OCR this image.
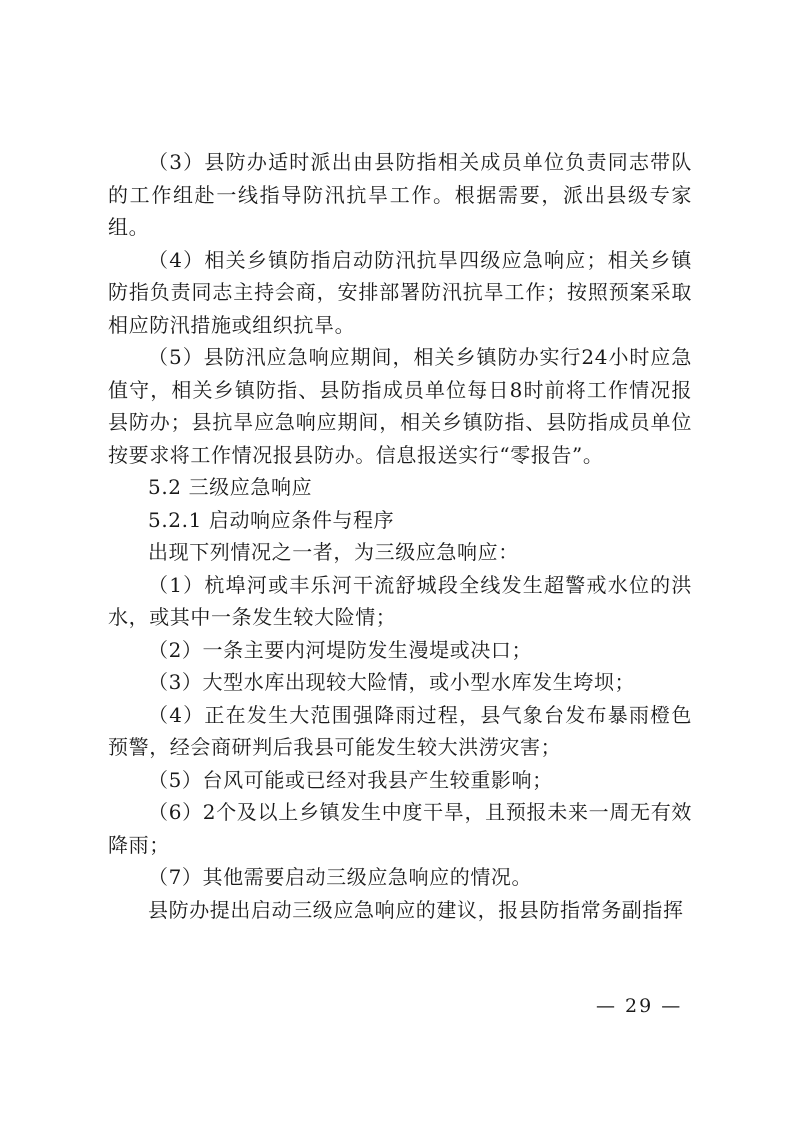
（3）县防办适时派出由县防指相关成员单位负责同志带队的工作组赴一线指导防汛抗旱工作。根据需要，派出县级专家组。

（4）相关乡镇防指启动防汛抗旱四级应急响应；相关乡镇防指负责同志主持会商，安排部署防汛抗旱工作；按照预案采取相应防汛措施或组织抗旱。

（5）县防汛应急响应期间，相关乡镇防办实行24小时应急值守，相关乡镇防指、县防指成员单位每日8时前将工作情况报县防办；县抗旱应急响应期间，相关乡镇防指、县防指成员单位按要求将工作情况报县防办。信息报送实行“零报告”。

5.2 三级应急响应

5.2.1 启动响应条件与程序

出现下列情况之一者，为三级应急响应：

（1）杭埠河或丰乐河干流舒城段全线发生超警戒水位的洪水，或其中一条发生较大险情；

（2）一条主要内河堤防发生漫堤或决口；

（3）大型水库出现较大险情，或小型水库发生垮坝；

（4）正在发生大范围强降雨过程，县气象台发布暴雨橙色预警，经会商研判后我县可能发生较大洪涝灾害；

（5）台风可能或已经对我县产生较重影响；

（6）2个及以上乡镇发生中度干旱，且预报未来一周无有效降雨；

（7）其他需要启动三级应急响应的情况。

县防办提出启动三级应急响应的建议，报县防指常务副指挥

— 29 —
